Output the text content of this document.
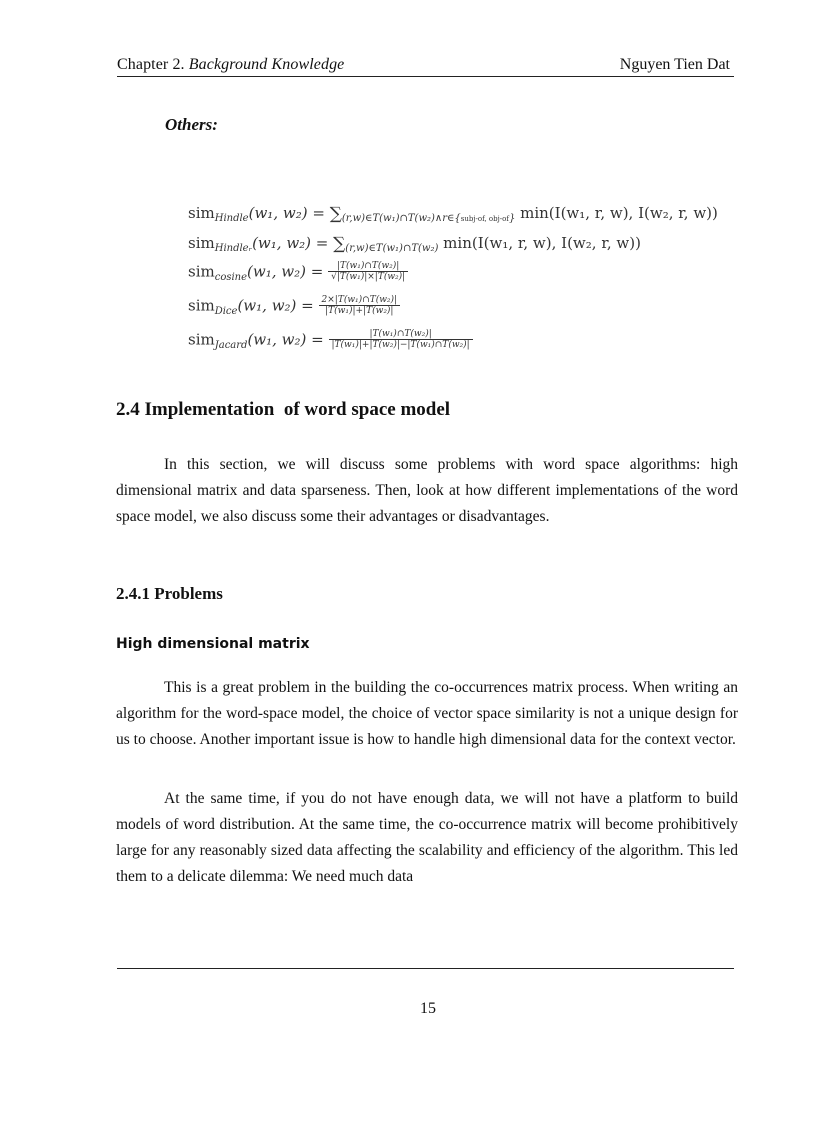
Chapter 2. Background Knowledge	Nguyen Tien Dat
Others:
sim$_{Hindle}$(w₁, $w_2) = \sum_{(r,w)\in T(w_1)\cap T(w_2)\wedge r\in\{subj-of, obj-of\}}$ min(I(w₁, r, w), I(w₂, r, w))
sim$_{Hindleᵣ}$(w₁, $w_2) = \sum_{(r,w)\in T(w_1)\cap T(w_2)}$ min(I(w₁, r, w), I(w₂, r, w))
sim$_{cosine}$(w₁, $w_2) = \frac{\text{|T(w₁)∩T(w₂)|}}{\text{√|T(w₁)|×|T(w₂)|}}$
sim$_{Dice}$(w₁, $w_2) = \frac{\text{2×|T(w₁)∩T(w₂)|}}{\text{|T(w₁)|+|T(w₂)|}}$
sim$_{Jacard}$(w₁, $w_2) = \frac{\text{|T(w₁)∩T(w₂)|}}{\text{|T(w₁)|+|T(w₂)|−|T(w₁)∩T(w₂)|}}$
2.4 Implementation  of word space model

In this section, we will discuss some problems with word space algorithms: high dimensional matrix and data sparseness. Then, look at how different implementations of the word space model, we also discuss some their advantages or disadvantages.

2.4.1 Problems
High dimensional matrix

This is a great problem in the building the co-occurrences matrix process. When writing an algorithm for the word-space model, the choice of vector space similarity is not a unique design for us to choose. Another important issue is how to handle high dimensional data for the context vector.

At the same time, if you do not have enough data, we will not have a platform to build models of word distribution. At the same time, the co-occurrence matrix will become prohibitively large for any reasonably sized data affecting the scalability and efficiency of the algorithm. This led them to a delicate dilemma: We need much data

15
